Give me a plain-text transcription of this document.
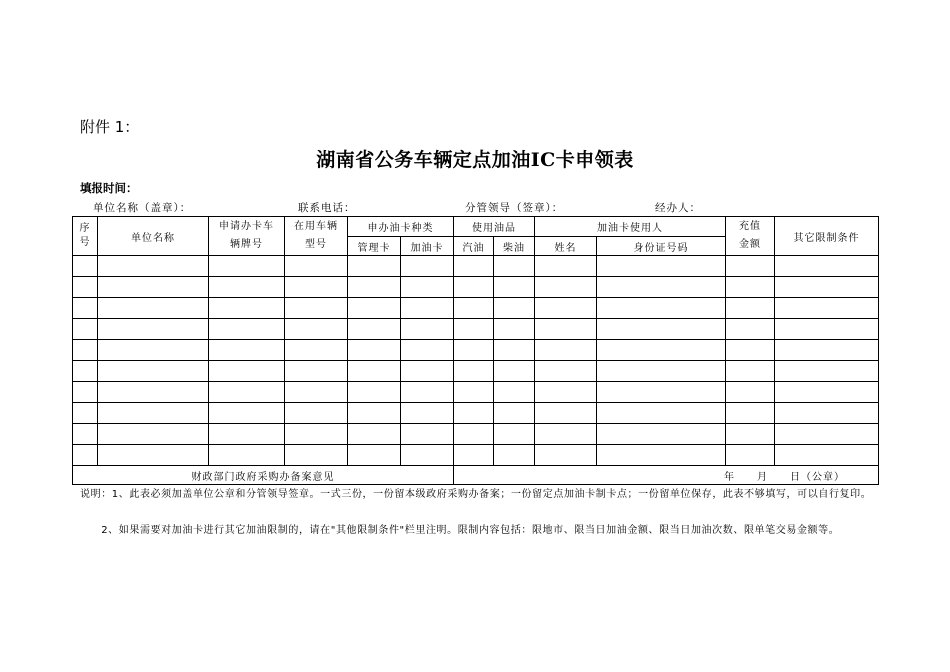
附件 1：
湖南省公务车辆定点加油IC卡申领表
填报时间：
单位名称（盖章）：	联系电话：	分管领导（签章）：	经办人：
序号	单位名称	申请办卡车辆牌号	在用车辆型号	申办油卡种类		使用油品		加油卡使用人		充值金额	其它限制条件
				管理卡	加油卡	汽油	柴油	姓名	身份证号码		

财政部门政府采购办备案意见						年　　月　　日（公章）					
说明：1、此表必须加盖单位公章和分管领导签章。一式三份，一份留本级政府采购办备案；一份留定点加油卡制卡点；一份留单位保存，此表不够填写，可以自行复印。
　　2、如果需要对加油卡进行其它加油限制的，请在"其他限制条件"栏里注明。限制内容包括：限地市、限当日加油金额、限当日加油次数、限单笔交易金额等。
